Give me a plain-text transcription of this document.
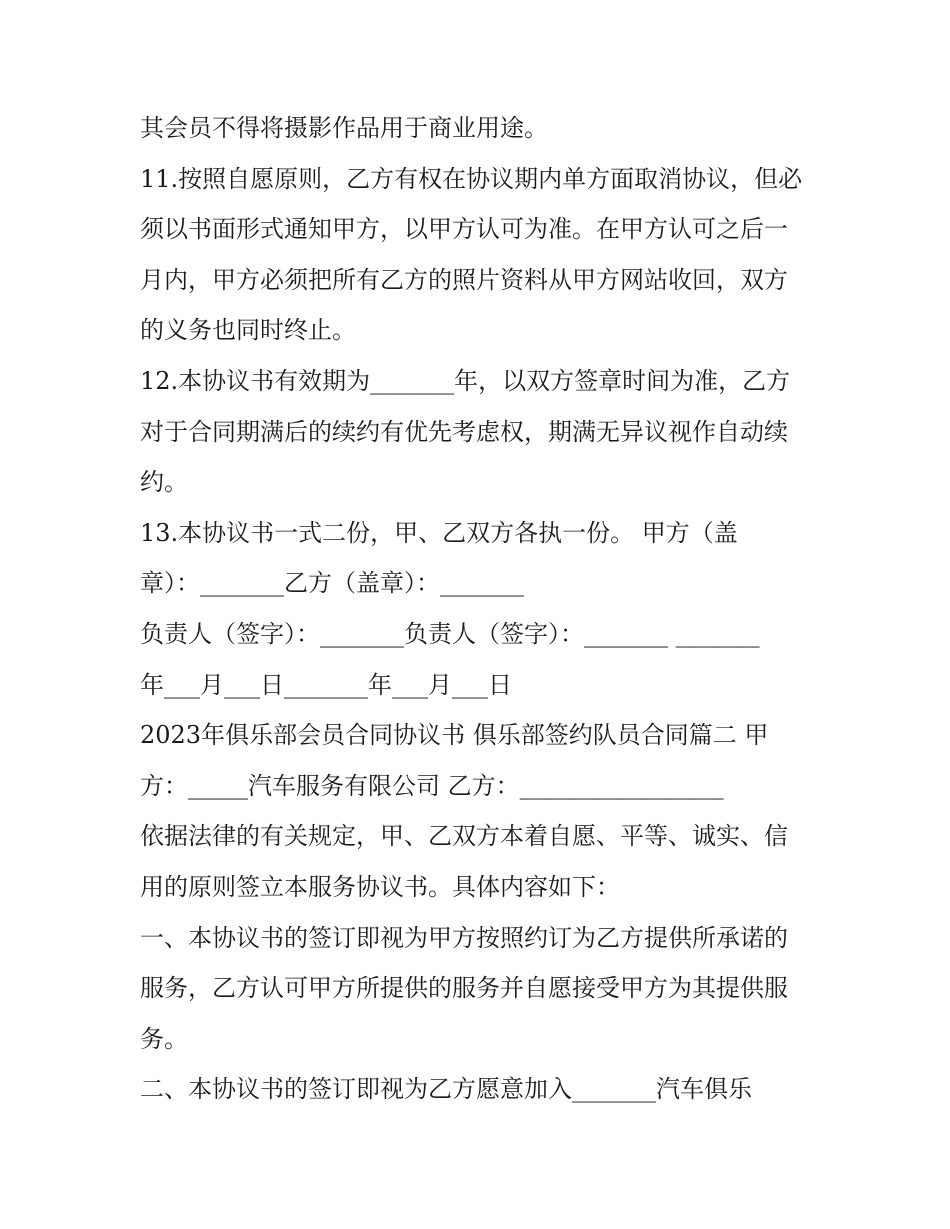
其会员不得将摄影作品用于商业用途。
11.按照自愿原则，乙方有权在协议期内单方面取消协议，但必
须以书面形式通知甲方，以甲方认可为准。在甲方认可之后一
月内，甲方必须把所有乙方的照片资料从甲方网站收回，双方
的义务也同时终止。
12.本协议书有效期为_______年，以双方签章时间为准，乙方
对于合同期满后的续约有优先考虑权，期满无异议视作自动续
约。
13.本协议书一式二份，甲、乙双方各执一份。 甲方（盖
章）：_______乙方（盖章）：_______
负责人（签字）：_______负责人（签字）：_______ _______
年___月___日_______年___月___日
2023年俱乐部会员合同协议书 俱乐部签约队员合同篇二 甲
方：_____汽车服务有限公司 乙方：_________________
依据法律的有关规定，甲、乙双方本着自愿、平等、诚实、信
用的原则签立本服务协议书。具体内容如下：
一、本协议书的签订即视为甲方按照约订为乙方提供所承诺的
服务，乙方认可甲方所提供的服务并自愿接受甲方为其提供服
务。
二、本协议书的签订即视为乙方愿意加入_______汽车俱乐
